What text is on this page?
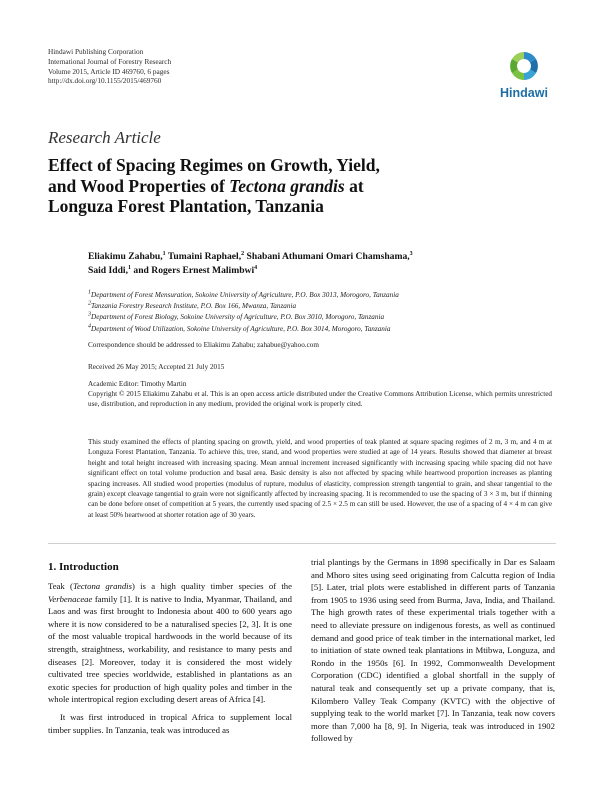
Hindawi Publishing Corporation
International Journal of Forestry Research
Volume 2015, Article ID 469760, 6 pages
http://dx.doi.org/10.1155/2015/469760
Hindawi
Research Article
Effect of Spacing Regimes on Growth, Yield,
and Wood Properties of Tectona grandis at
Longuza Forest Plantation, Tanzania
Eliakimu Zahabu,$^1$ Tumaini Raphael,$^2$ Shabani Athumani Omari Chamshama,$^3$
Said Iddi,$^1$ and Rogers Ernest Malimbwi$^4$
$^1$Department of Forest Mensuration, Sokoine University of Agriculture, P.O. Box 3013, Morogoro, Tanzania
$^2$Tanzania Forestry Research Institute, P.O. Box 166, Mwanza, Tanzania
$^3$Department of Forest Biology, Sokoine University of Agriculture, P.O. Box 3010, Morogoro, Tanzania
$^4$Department of Wood Utilization, Sokoine University of Agriculture, P.O. Box 3014, Morogoro, Tanzania
Correspondence should be addressed to Eliakimu Zahabu; zahabue@yahoo.com
Received 26 May 2015; Accepted 21 July 2015
Academic Editor: Timothy Martin
Copyright © 2015 Eliakimu Zahabu et al. This is an open access article distributed under the Creative Commons Attribution License, which permits unrestricted use, distribution, and reproduction in any medium, provided the original work is properly cited.
This study examined the effects of planting spacing on growth, yield, and wood properties of teak planted at square spacing regimes of 2 m, 3 m, and 4 m at Longuza Forest Plantation, Tanzania. To achieve this, tree, stand, and wood properties were studied at age of 14 years. Results showed that diameter at breast height and total height increased with increasing spacing. Mean annual increment increased significantly with increasing spacing while spacing did not have significant effect on total volume production and basal area. Basic density is also not affected by spacing while heartwood proportion increases as planting spacing increases. All studied wood properties (modulus of rupture, modulus of elasticity, compression strength tangential to grain, and shear tangential to the grain) except cleavage tangential to grain were not significantly affected by increasing spacing. It is recommended to use the spacing of 3 × 3 m, but if thinning can be done before onset of competition at 5 years, the currently used spacing of 2.5 × 2.5 m can still be used. However, the use of a spacing of 4 × 4 m can give at least 50% heartwood at shorter rotation age of 30 years.
1. Introduction

Teak (Tectona grandis) is a high quality timber species of the Verbenaceae family [1]. It is native to India, Myanmar, Thailand, and Laos and was first brought to Indonesia about 400 to 600 years ago where it is now considered to be a naturalised species [2, 3]. It is one of the most valuable tropical hardwoods in the world because of its strength, straightness, workability, and resistance to many pests and diseases [2]. Moreover, today it is considered the most widely cultivated tree species worldwide, established in plantations as an exotic species for production of high quality poles and timber in the whole intertropical region excluding desert areas of Africa [4].

It was first introduced in tropical Africa to supplement local timber supplies. In Tanzania, teak was introduced as

trial plantings by the Germans in 1898 specifically in Dar es Salaam and Mhoro sites using seed originating from Calcutta region of India [5]. Later, trial plots were established in different parts of Tanzania from 1905 to 1936 using seed from Burma, Java, India, and Thailand. The high growth rates of these experimental trials together with a need to alleviate pressure on indigenous forests, as well as continued demand and good price of teak timber in the international market, led to initiation of state owned teak plantations in Mtibwa, Longuza, and Rondo in the 1950s [6]. In 1992, Commonwealth Development Corporation (CDC) identified a global shortfall in the supply of natural teak and consequently set up a private company, that is, Kilombero Valley Teak Company (KVTC) with the objective of supplying teak to the world market [7]. In Tanzania, teak now covers more than 7,000 ha [8, 9]. In Nigeria, teak was introduced in 1902 followed by
